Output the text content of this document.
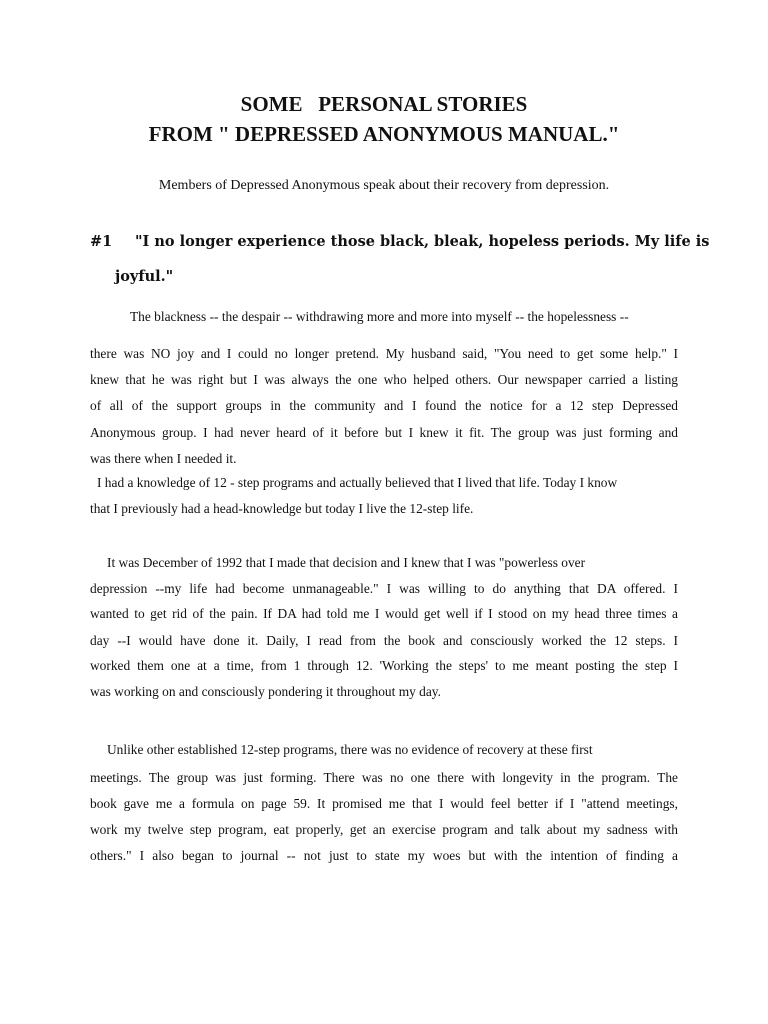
SOME   PERSONAL STORIES
FROM " DEPRESSED ANONYMOUS MANUAL."

Members of Depressed Anonymous speak about their recovery from depression.

#1 "I no longer experience those black, bleak, hopeless periods. My life is
joyful."
The blackness -- the despair -- withdrawing more and more into myself -- the hopelessness --
there was NO joy and I could no longer pretend. My husband said, "You need to get some help." I
knew that he was right but I was always the one who helped others. Our newspaper carried a listing
of all of the support groups in the community and I found the notice for a 12 step Depressed
Anonymous group. I had never heard of it before but I knew it fit. The group was just forming and
was there when I needed it.
I had a knowledge of 12 - step programs and actually believed that I lived that life. Today I know
that I previously had a head-knowledge but today I live the 12-step life.
It was December of 1992 that I made that decision and I knew that I was "powerless over
depression --my life had become unmanageable." I was willing to do anything that DA offered. I
wanted to get rid of the pain. If DA had told me I would get well if I stood on my head three times a
day --I would have done it. Daily, I read from the book and consciously worked the 12 steps. I
worked them one at a time, from 1 through 12. 'Working the steps' to me meant posting the step I
was working on and consciously pondering it throughout my day.
Unlike other established 12-step programs, there was no evidence of recovery at these first
meetings. The group was just forming. There was no one there with longevity in the program. The
book gave me a formula on page 59. It promised me that I would feel better if I "attend meetings,
work my twelve step program, eat properly, get an exercise program and talk about my sadness with
others." I also began to journal -- not just to state my woes but with the intention of finding a
